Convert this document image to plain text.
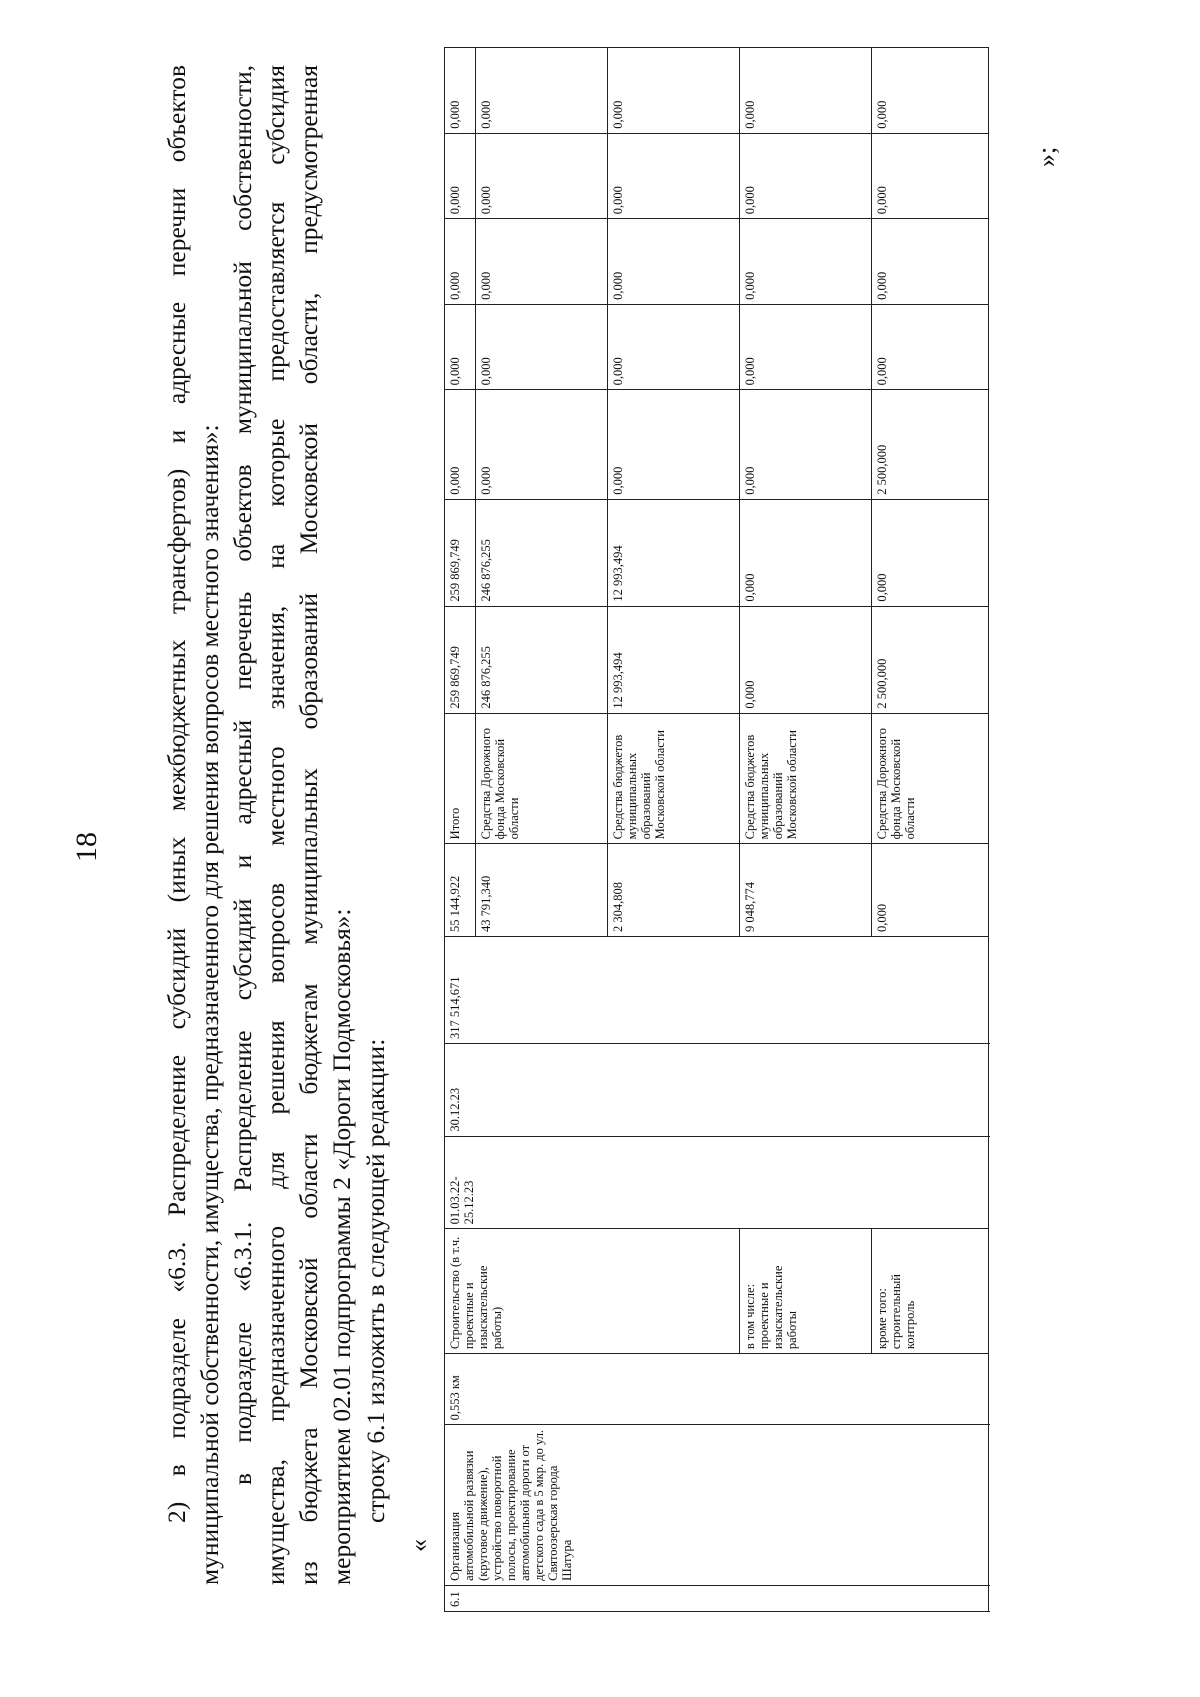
18 2) в подразделе «6.3. Распределение субсидий (иных межбюджетных трансфертов) и адресные перечни объектов муниципальной собственности, имущества, предназначенного для решения вопросов местного значения»: в подразделе «6.3.1. Распределение субсидий и адресный перечень объектов муниципальной собственности, имущества, предназначенного для решения вопросов местного значения, на которые предоставляется субсидия из бюджета Московской области бюджетам муниципальных образований Московской области, предусмотренная мероприятием 02.01 подпрограммы 2 «Дороги Подмосковья»: строку 6.1 изложить в следующей редакции:

«
6.1	Организация автомобильной развязки (круговое движение), устройство поворотной полосы, проектирование автомобильной дороги от детского сада в 5 мкр. до ул. Святоозерская города Шатура	0,553 км	Строительство (в т.ч. проектные и изыскательские работы)	01.03.22-25.12.23	30.12.23	317 514,671	55 144,922	Итого	259 869,749	259 869,749	0,000	0,000	0,000	0,000	0,000
							43 791,340	Средства Дорожного фонда Московской области	246 876,255	246 876,255	0,000	0,000	0,000	0,000	0,000
							2 304,808	Средства бюджетов муниципальных образований Московской области	12 993,494	12 993,494	0,000	0,000	0,000	0,000	0,000
			в том числе: проектные и изыскательские работы				9 048,774	Средства бюджетов муниципальных образований Московской области	0,000	0,000	0,000	0,000	0,000	0,000	0,000
			кроме того: строительный контроль				0,000	Средства Дорожного фонда Московской области	2 500,000	0,000	2 500,000	0,000	0,000	0,000	0,000

»;
